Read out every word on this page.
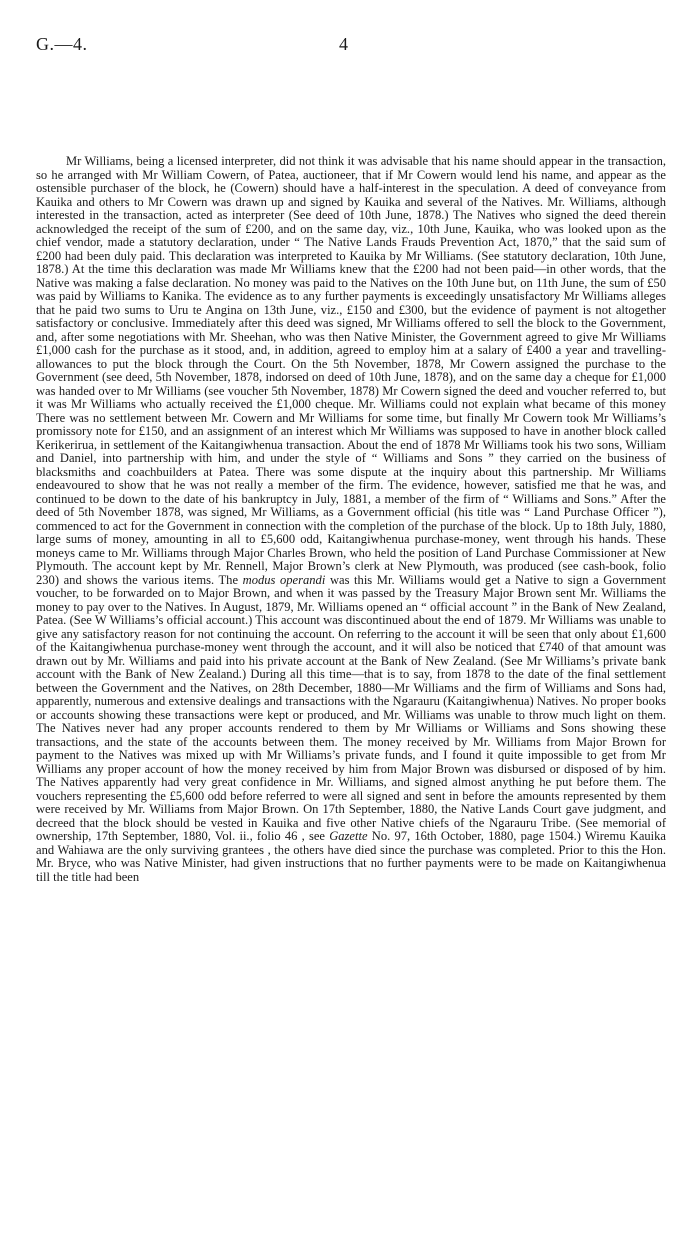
G.—4.	4

Mr Williams, being a licensed interpreter, did not think it was advisable that his name should appear in the transaction, so he arranged with Mr William Cowern, of Patea, auctioneer, that if Mr Cowern would lend his name, and appear as the ostensible purchaser of the block, he (Cowern) should have a half-interest in the speculation. A deed of conveyance from Kauika and others to Mr Cowern was drawn up and signed by Kauika and several of the Natives. Mr. Williams, although interested in the transaction, acted as interpreter (See deed of 10th June, 1878.) The Natives who signed the deed therein acknowledged the receipt of the sum of £200, and on the same day, viz., 10th June, Kauika, who was looked upon as the chief vendor, made a statutory declaration, under “ The Native Lands Frauds Prevention Act, 1870,” that the said sum of £200 had been duly paid. This declaration was interpreted to Kauika by Mr Williams. (See statutory declaration, 10th June, 1878.) At the time this declaration was made Mr Williams knew that the £200 had not been paid—in other words, that the Native was making a false declaration. No money was paid to the Natives on the 10th June but, on 11th June, the sum of £50 was paid by Williams to Kanika. The evidence as to any further payments is exceedingly unsatisfactory Mr Williams alleges that he paid two sums to Uru te Angina on 13th June, viz., £150 and £300, but the evidence of payment is not altogether satisfactory or conclusive. Immediately after this deed was signed, Mr Williams offered to sell the block to the Government, and, after some negotiations with Mr. Sheehan, who was then Native Minister, the Government agreed to give Mr Williams £1,000 cash for the purchase as it stood, and, in addition, agreed to employ him at a salary of £400 a year and travelling-allowances to put the block through the Court. On the 5th November, 1878, Mr Cowern assigned the purchase to the Government (see deed, 5th November, 1878, indorsed on deed of 10th June, 1878), and on the same day a cheque for £1,000 was handed over to Mr Williams (see voucher 5th November, 1878) Mr Cowern signed the deed and voucher referred to, but it was Mr Williams who actually received the £1,000 cheque. Mr. Williams could not explain what became of this money There was no settlement between Mr. Cowern and Mr Williams for some time, but finally Mr Cowern took Mr Williams’s promissory note for £150, and an assignment of an interest which Mr Williams was supposed to have in another block called Kerikerirua, in settlement of the Kaitangiwhenua transaction. About the end of 1878 Mr Williams took his two sons, William and Daniel, into partnership with him, and under the style of “ Williams and Sons ” they carried on the business of blacksmiths and coachbuilders at Patea. There was some dispute at the inquiry about this partnership. Mr Williams endeavoured to show that he was not really a member of the firm. The evidence, however, satisfied me that he was, and continued to be down to the date of his bankruptcy in July, 1881, a member of the firm of “ Williams and Sons.” After the deed of 5th November 1878, was signed, Mr Williams, as a Government official (his title was “ Land Purchase Officer ”), commenced to act for the Government in connection with the completion of the purchase of the block. Up to 18th July, 1880, large sums of money, amounting in all to £5,600 odd, Kaitangiwhenua purchase-money, went through his hands. These moneys came to Mr. Williams through Major Charles Brown, who held the position of Land Purchase Commissioner at New Plymouth. The account kept by Mr. Rennell, Major Brown’s clerk at New Plymouth, was produced (see cash-book, folio 230) and shows the various items. The modus operandi was this Mr. Williams would get a Native to sign a Government voucher, to be forwarded on to Major Brown, and when it was passed by the Treasury Major Brown sent Mr. Williams the money to pay over to the Natives. In August, 1879, Mr. Williams opened an “ official account ” in the Bank of New Zealand, Patea. (See W Williams’s official account.) This account was discontinued about the end of 1879. Mr Williams was unable to give any satisfactory reason for not continuing the account. On referring to the account it will be seen that only about £1,600 of the Kaitangiwhenua purchase-money went through the account, and it will also be noticed that £740 of that amount was drawn out by Mr. Williams and paid into his private account at the Bank of New Zealand. (See Mr Williams’s private bank account with the Bank of New Zealand.) During all this time—that is to say, from 1878 to the date of the final settlement between the Government and the Natives, on 28th December, 1880—Mr Williams and the firm of Williams and Sons had, apparently, numerous and extensive dealings and transactions with the Ngarauru (Kaitangiwhenua) Natives. No proper books or accounts showing these transactions were kept or produced, and Mr. Williams was unable to throw much light on them. The Natives never had any proper accounts rendered to them by Mr Williams or Williams and Sons showing these transactions, and the state of the accounts between them. The money received by Mr. Williams from Major Brown for payment to the Natives was mixed up with Mr Williams’s private funds, and I found it quite impossible to get from Mr Williams any proper account of how the money received by him from Major Brown was disbursed or disposed of by him. The Natives apparently had very great confidence in Mr. Williams, and signed almost anything he put before them. The vouchers representing the £5,600 odd before referred to were all signed and sent in before the amounts represented by them were received by Mr. Williams from Major Brown. On 17th September, 1880, the Native Lands Court gave judgment, and decreed that the block should be vested in Kauika and five other Native chiefs of the Ngarauru Tribe. (See memorial of ownership, 17th September, 1880, Vol. ii., folio 46 , see Gazette No. 97, 16th October, 1880, page 1504.) Wiremu Kauika and Wahiawa are the only surviving grantees , the others have died since the purchase was completed. Prior to this the Hon. Mr. Bryce, who was Native Minister, had given instructions that no further payments were to be made on Kaitangiwhenua till the title had been
